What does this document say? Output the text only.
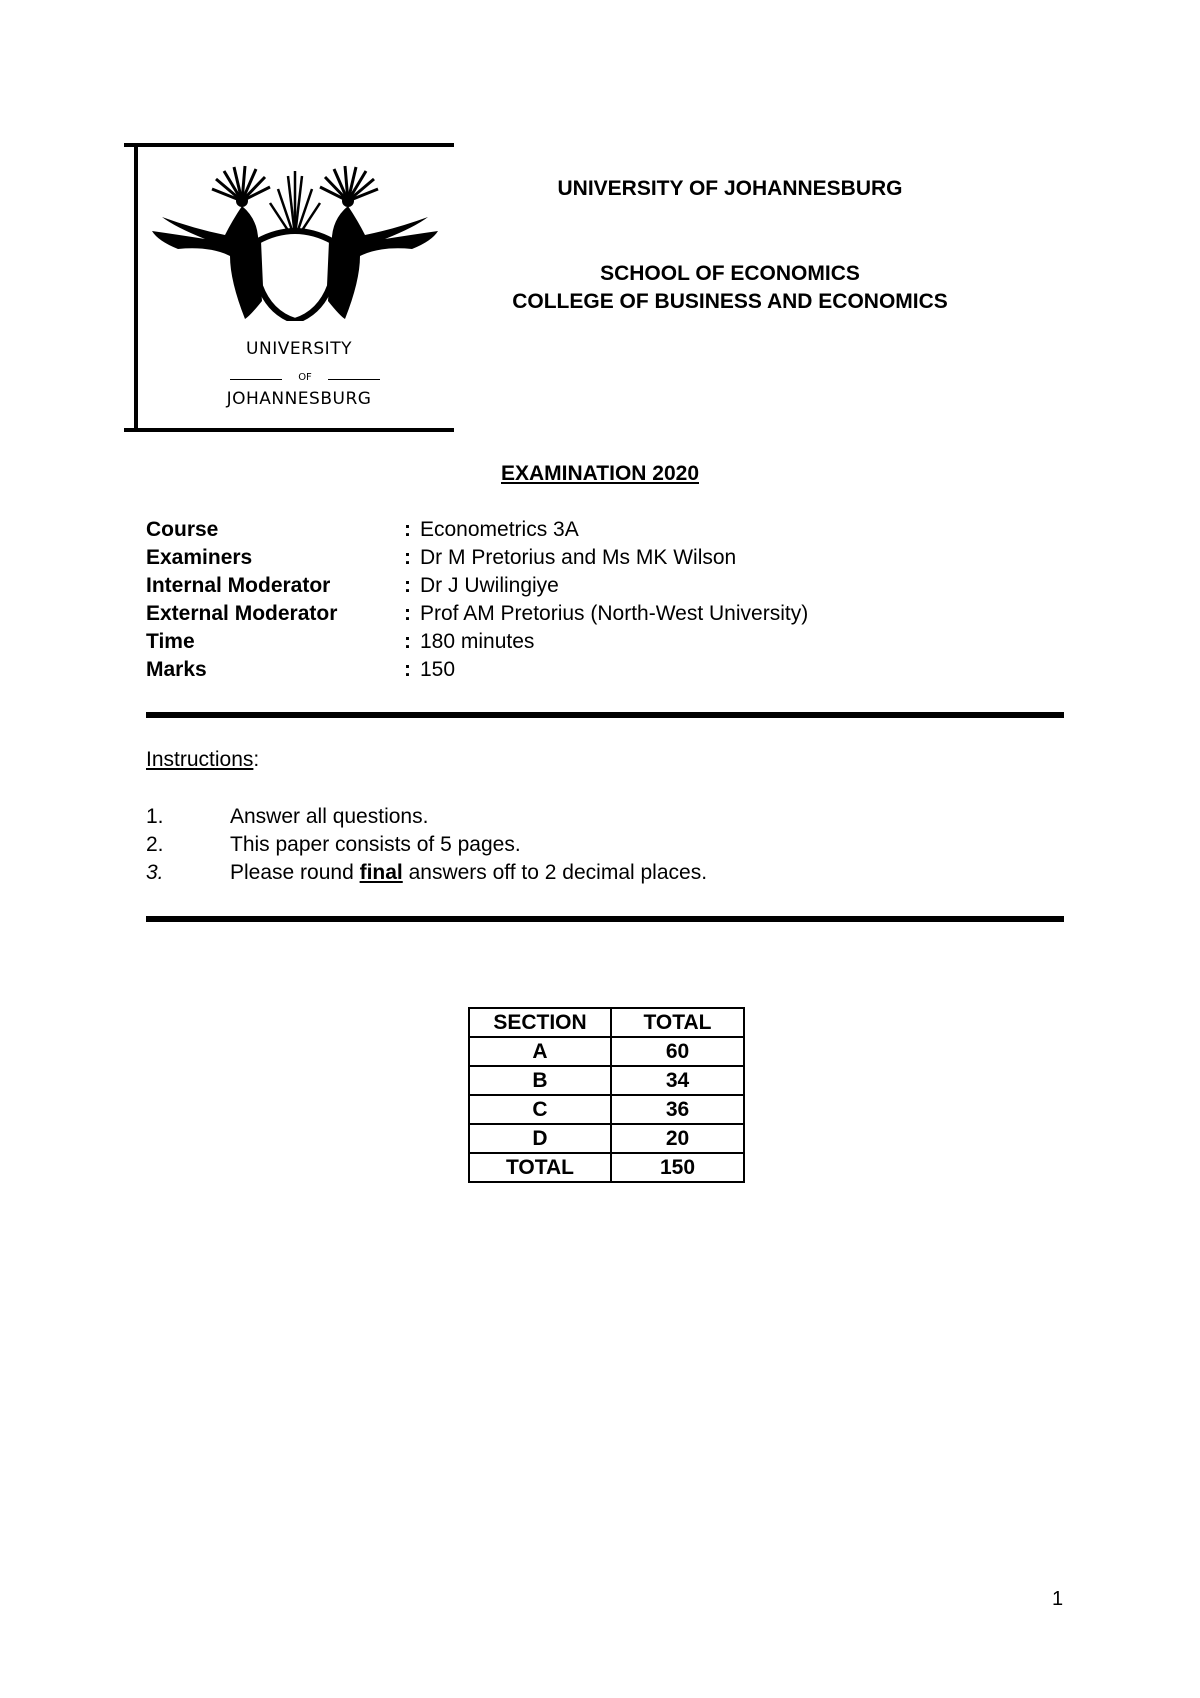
UNIVERSITY
OF
JOHANNESBURG
UNIVERSITY OF JOHANNESBURG
SCHOOL OF ECONOMICS
COLLEGE OF BUSINESS AND ECONOMICS
EXAMINATION 2020
Course	: Econometrics 3A
Examiners	: Dr M Pretorius and Ms MK Wilson
Internal Moderator	: Dr J Uwilingiye
External Moderator	: Prof AM Pretorius (North-West University)
Time	: 180 minutes
Marks	: 150
Instructions:
1.	Answer all questions.
2.	This paper consists of 5 pages.
3.	Please round final answers off to 2 decimal places.
SECTION	TOTAL
A	60
B	34
C	36
D	20
TOTAL	150
1
